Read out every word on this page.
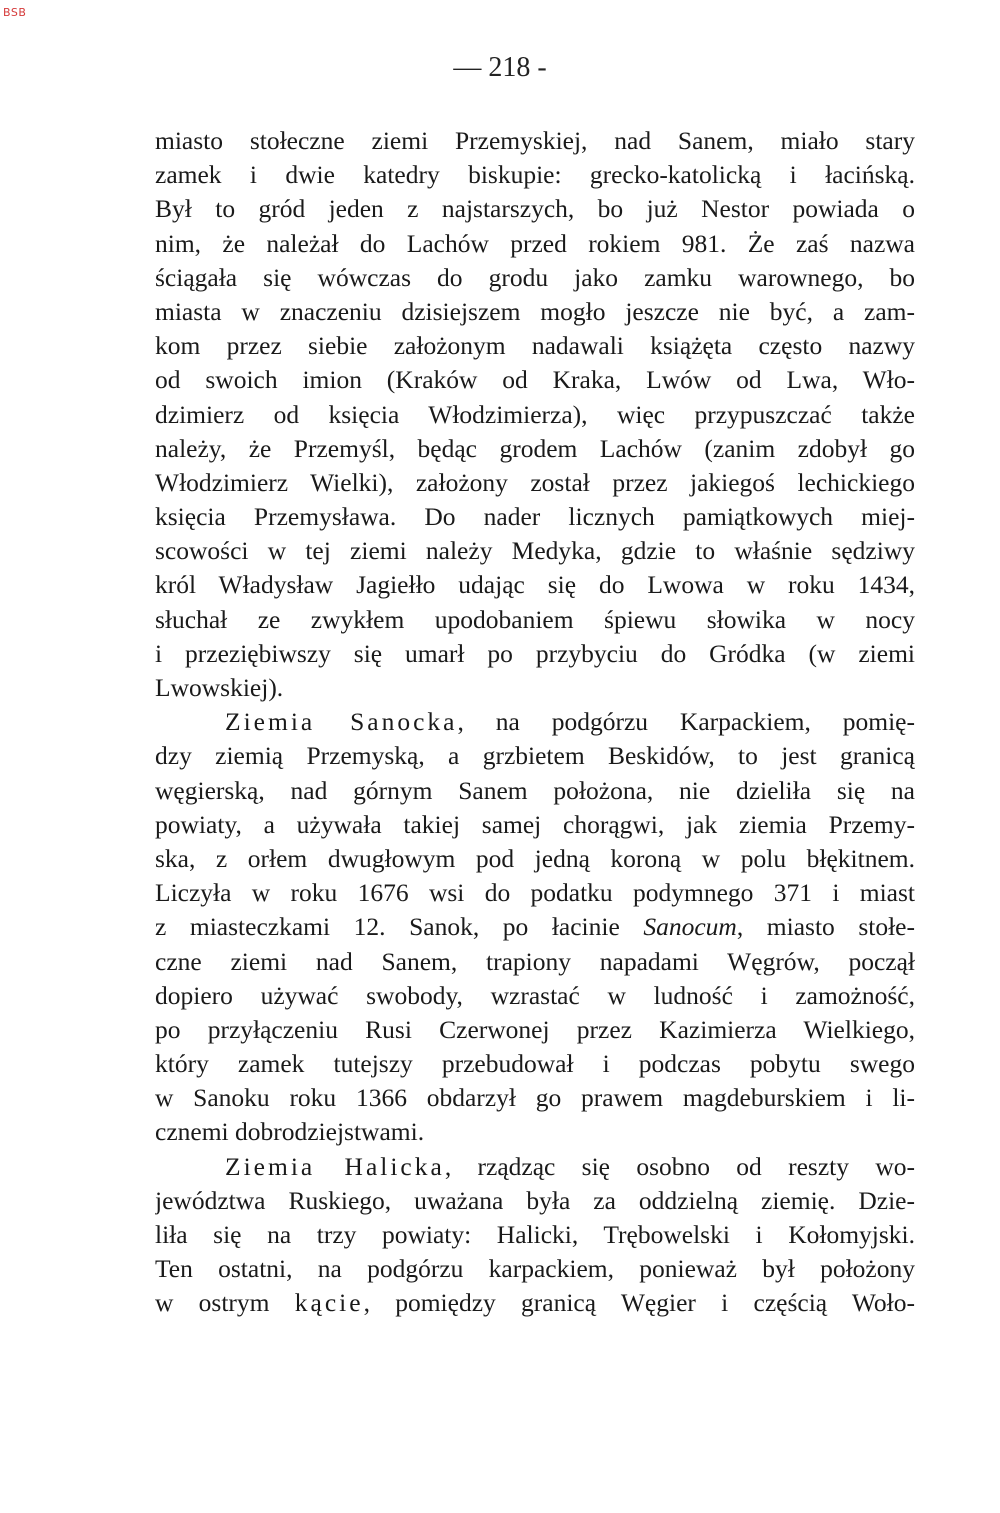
BSB
— 218 -
miasto stołeczne ziemi Przemyskiej, nad Sanem, miało stary
zamek i dwie katedry biskupie: grecko-katolicką i łacińską.
Był to gród jeden z najstarszych, bo już Nestor powiada o
nim, że należał do Lachów przed rokiem 981. Że zaś nazwa
ściągała się wówczas do grodu jako zamku warownego, bo
miasta w znaczeniu dzisiejszem mogło jeszcze nie być, a zam-
kom przez siebie założonym nadawali książęta często nazwy
od swoich imion (Kraków od Kraka, Lwów od Lwa, Wło-
dzimierz od księcia Włodzimierza), więc przypuszczać także
należy, że Przemyśl, będąc grodem Lachów (zanim zdobył go
Włodzimierz Wielki), założony został przez jakiegoś lechickiego
księcia Przemysława. Do nader licznych pamiątkowych miej-
scowości w tej ziemi należy Medyka, gdzie to właśnie sędziwy
król Władysław Jagiełło udając się do Lwowa w roku 1434,
słuchał ze zwykłem upodobaniem śpiewu słowika w nocy
i przeziębiwszy się umarł po przybyciu do Gródka (w ziemi
Lwowskiej).
Ziemia Sanocka, na podgórzu Karpackiem, pomię-
dzy ziemią Przemyską, a grzbietem Beskidów, to jest granicą
węgierską, nad górnym Sanem położona, nie dzieliła się na
powiaty, a używała takiej samej chorągwi, jak ziemia Przemy-
ska, z orłem dwugłowym pod jedną koroną w polu błękitnem.
Liczyła w roku 1676 wsi do podatku podymnego 371 i miast
z miasteczkami 12. Sanok, po łacinie Sanocum, miasto stołe-
czne ziemi nad Sanem, trapiony napadami Węgrów, począł
dopiero używać swobody, wzrastać w ludność i zamożność,
po przyłączeniu Rusi Czerwonej przez Kazimierza Wielkiego,
który zamek tutejszy przebudował i podczas pobytu swego
w Sanoku roku 1366 obdarzył go prawem magdeburskiem i li-
cznemi dobrodziejstwami.
Ziemia Halicka, rządząc się osobno od reszty wo-
jewództwa Ruskiego, uważana była za oddzielną ziemię. Dzie-
liła się na trzy powiaty: Halicki, Trębowelski i Kołomyjski.
Ten ostatni, na podgórzu karpackiem, ponieważ był położony
w ostrym kącie, pomiędzy granicą Węgier i częścią Woło-
